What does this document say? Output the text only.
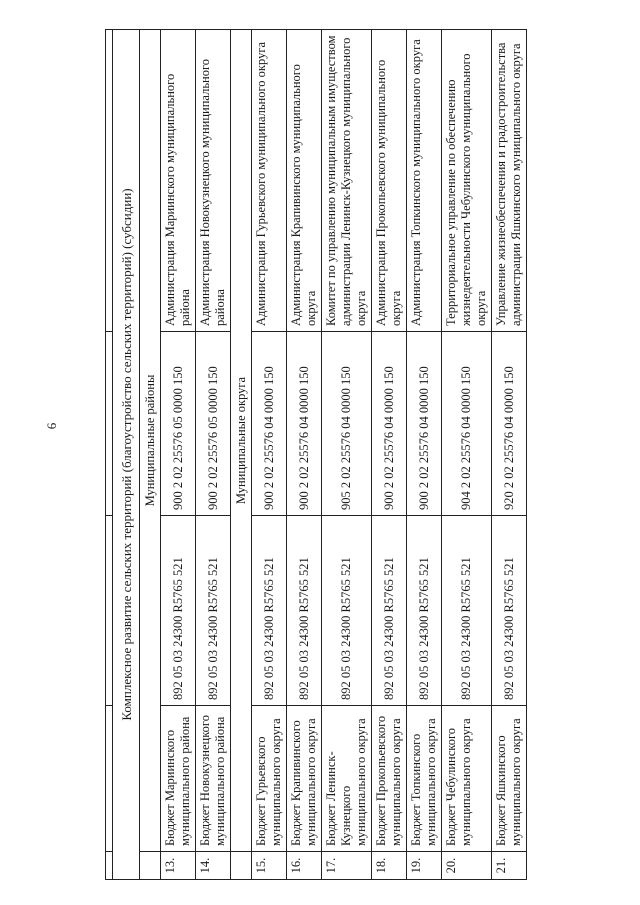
6
					Комплексное развитие сельских территорий (благоустройство сельских территорий) (субсидии)				
	Муниципальные районы			
13.	Бюджет Мариинского муниципального района	892 05 03 24300 R5765 521	900 2 02 25576 05 0000 150	Администрация Мариинского муниципального района
14.	Бюджет Новокузнецкого муниципального района	892 05 03 24300 R5765 521	900 2 02 25576 05 0000 150	Администрация Новокузнецкого муниципального района
	Муниципальные округа			
15.	Бюджет Гурьевского муниципального округа	892 05 03 24300 R5765 521	900 2 02 25576 04 0000 150	Администрация Гурьевского муниципального округа
16.	Бюджет Крапивинского муниципального округа	892 05 03 24300 R5765 521	900 2 02 25576 04 0000 150	Администрация Крапивинского муниципального округа
17.	Бюджет Ленинск-Кузнецкого муниципального округа	892 05 03 24300 R5765 521	905 2 02 25576 04 0000 150	Комитет по управлению муниципальным имуществом администрации Ленинск-Кузнецкого муниципального округа
18.	Бюджет Прокопьевского муниципального округа	892 05 03 24300 R5765 521	900 2 02 25576 04 0000 150	Администрация Прокопьевского муниципального округа
19.	Бюджет Топкинского муниципального округа	892 05 03 24300 R5765 521	900 2 02 25576 04 0000 150	Администрация Топкинского муниципального округа
20.	Бюджет Чебулинского муниципального округа	892 05 03 24300 R5765 521	904 2 02 25576 04 0000 150	Территориальное управление по обеспечению жизнедеятельности Чебулинского муниципального округа
21.	Бюджет Яшкинского муниципального округа	892 05 03 24300 R5765 521	920 2 02 25576 04 0000 150	Управление жизнеобеспечения и градостроительства администрации Яшкинского муниципального округа
